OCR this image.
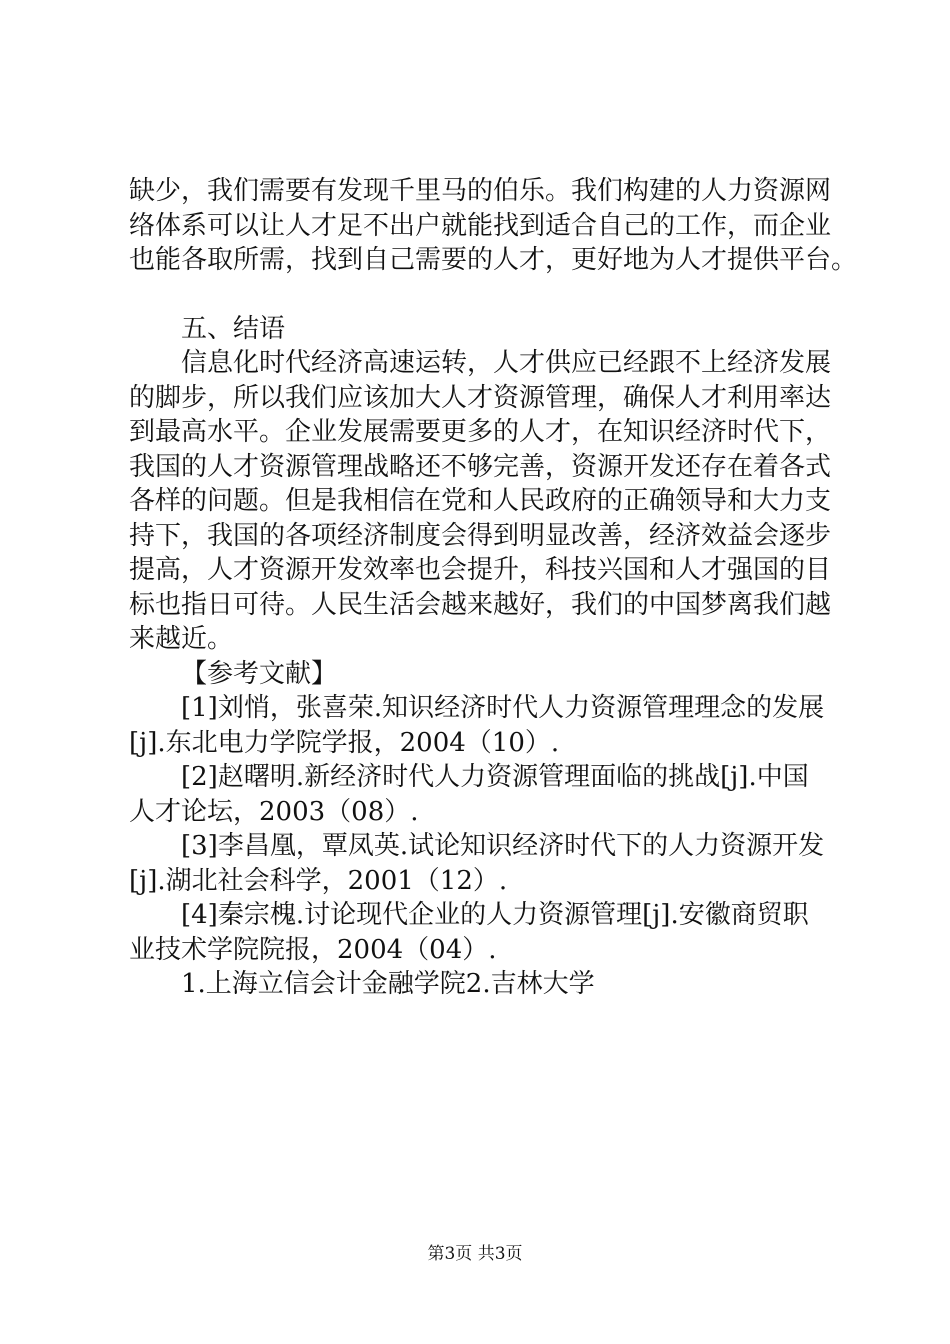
缺少，我们需要有发现千里马的伯乐。我们构建的人力资源网
络体系可以让人才足不出户就能找到适合自己的工作，而企业
也能各取所需，找到自己需要的人才，更好地为人才提供平台。
五、结语
信息化时代经济高速运转，人才供应已经跟不上经济发展
的脚步，所以我们应该加大人才资源管理，确保人才利用率达
到最高水平。企业发展需要更多的人才，在知识经济时代下，
我国的人才资源管理战略还不够完善，资源开发还存在着各式
各样的问题。但是我相信在党和人民政府的正确领导和大力支
持下，我国的各项经济制度会得到明显改善，经济效益会逐步
提高，人才资源开发效率也会提升，科技兴国和人才强国的目
标也指日可待。人民生活会越来越好，我们的中国梦离我们越
来越近。
【参考文献】
[1]刘悄，张喜荣.知识经济时代人力资源管理理念的发展
[j].东北电力学院学报，2004（10）.
[2]赵曙明.新经济时代人力资源管理面临的挑战[j].中国
人才论坛，2003（08）.
[3]李昌凰，覃凤英.试论知识经济时代下的人力资源开发
[j].湖北社会科学，2001（12）.
[4]秦宗槐.讨论现代企业的人力资源管理[j].安徽商贸职
业技术学院院报，2004（04）.
1.上海立信会计金融学院2.吉林大学
第3页 共3页
